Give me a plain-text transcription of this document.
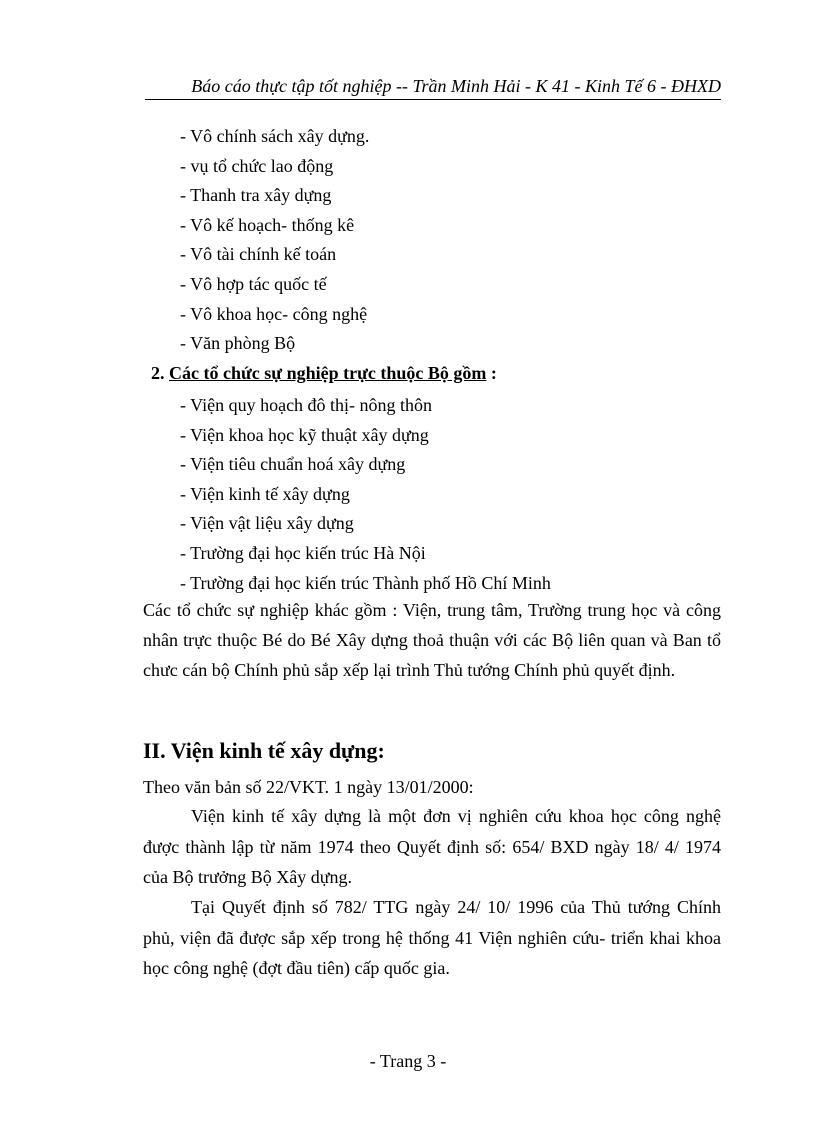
Báo cáo thực tập tốt nghiệp -- Trần Minh Hải - K 41 - Kinh Tế 6 - ĐHXD
- Vô chính sách xây dựng.
- vụ tổ chức lao động
- Thanh tra xây dựng
- Vô kế hoạch- thống kê
- Vô tài chính kế toán
- Vô hợp tác quốc tế
- Vô khoa học- công nghệ
- Văn phòng Bộ
2. Các tổ chức sự nghiệp trực thuộc Bộ gồm :
- Viện quy hoạch đô thị- nông thôn
- Viện khoa học kỹ thuật xây dựng
- Viện tiêu chuẩn hoá xây dựng
- Viện kinh tế xây dựng
- Viện vật liệu xây dựng
- Trường đại học kiến trúc Hà Nội
- Trường đại học kiến trúc Thành phố Hồ Chí Minh

Các tổ chức sự nghiệp khác gồm : Viện, trung tâm, Trường trung học và công nhân trực thuộc Bé do Bé Xây dựng thoả thuận với các Bộ liên quan và Ban tổ chưc cán bộ Chính phủ sắp xếp lại trình Thủ tướng Chính phủ quyết định.

II. Viện kinh tế xây dựng:

Theo văn bản số 22/VKT. 1 ngày 13/01/2000:

Viện kinh tế xây dựng là một đơn vị nghiên cứu khoa học công nghệ được thành lập từ năm 1974 theo Quyết định số: 654/ BXD ngày 18/ 4/ 1974 của Bộ trưởng Bộ Xây dựng.

Tại Quyết định số 782/ TTG ngày 24/ 10/ 1996 của Thủ tướng Chính phủ, viện đã được sắp xếp trong hệ thống 41 Viện nghiên cứu- triển khai khoa học công nghệ (đợt đầu tiên) cấp quốc gia.

- Trang 3 -
